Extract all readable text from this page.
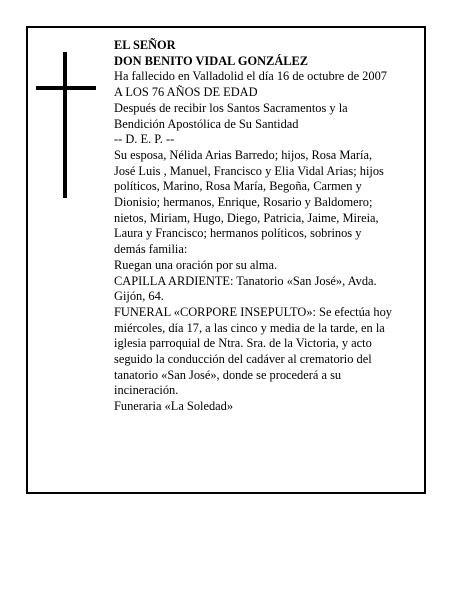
EL SEÑOR
DON BENITO VIDAL GONZÁLEZ
Ha fallecido en Valladolid el día 16 de octubre de 2007
A LOS 76 AÑOS DE EDAD
Después de recibir los Santos Sacramentos y la
Bendición Apostólica de Su Santidad
-- D. E. P. --
Su esposa, Nélida Arias Barredo; hijos, Rosa María,
José Luis , Manuel, Francisco y Elia Vidal Arias; hijos
políticos, Marino, Rosa María, Begoña, Carmen y
Dionisio; hermanos, Enrique, Rosario y Baldomero;
nietos, Miriam, Hugo, Diego, Patricia, Jaime, Mireia,
Laura y Francisco; hermanos políticos, sobrinos y
demás familia:
Ruegan una oración por su alma.
CAPILLA ARDIENTE: Tanatorio «San José», Avda.
Gijón, 64.
FUNERAL «CORPORE INSEPULTO»: Se efectúa hoy
miércoles, día 17, a las cinco y media de la tarde, en la
iglesia parroquial de Ntra. Sra. de la Victoria, y acto
seguido la conducción del cadáver al crematorio del
tanatorio «San José», donde se procederá a su
incineración.
Funeraria «La Soledad»
